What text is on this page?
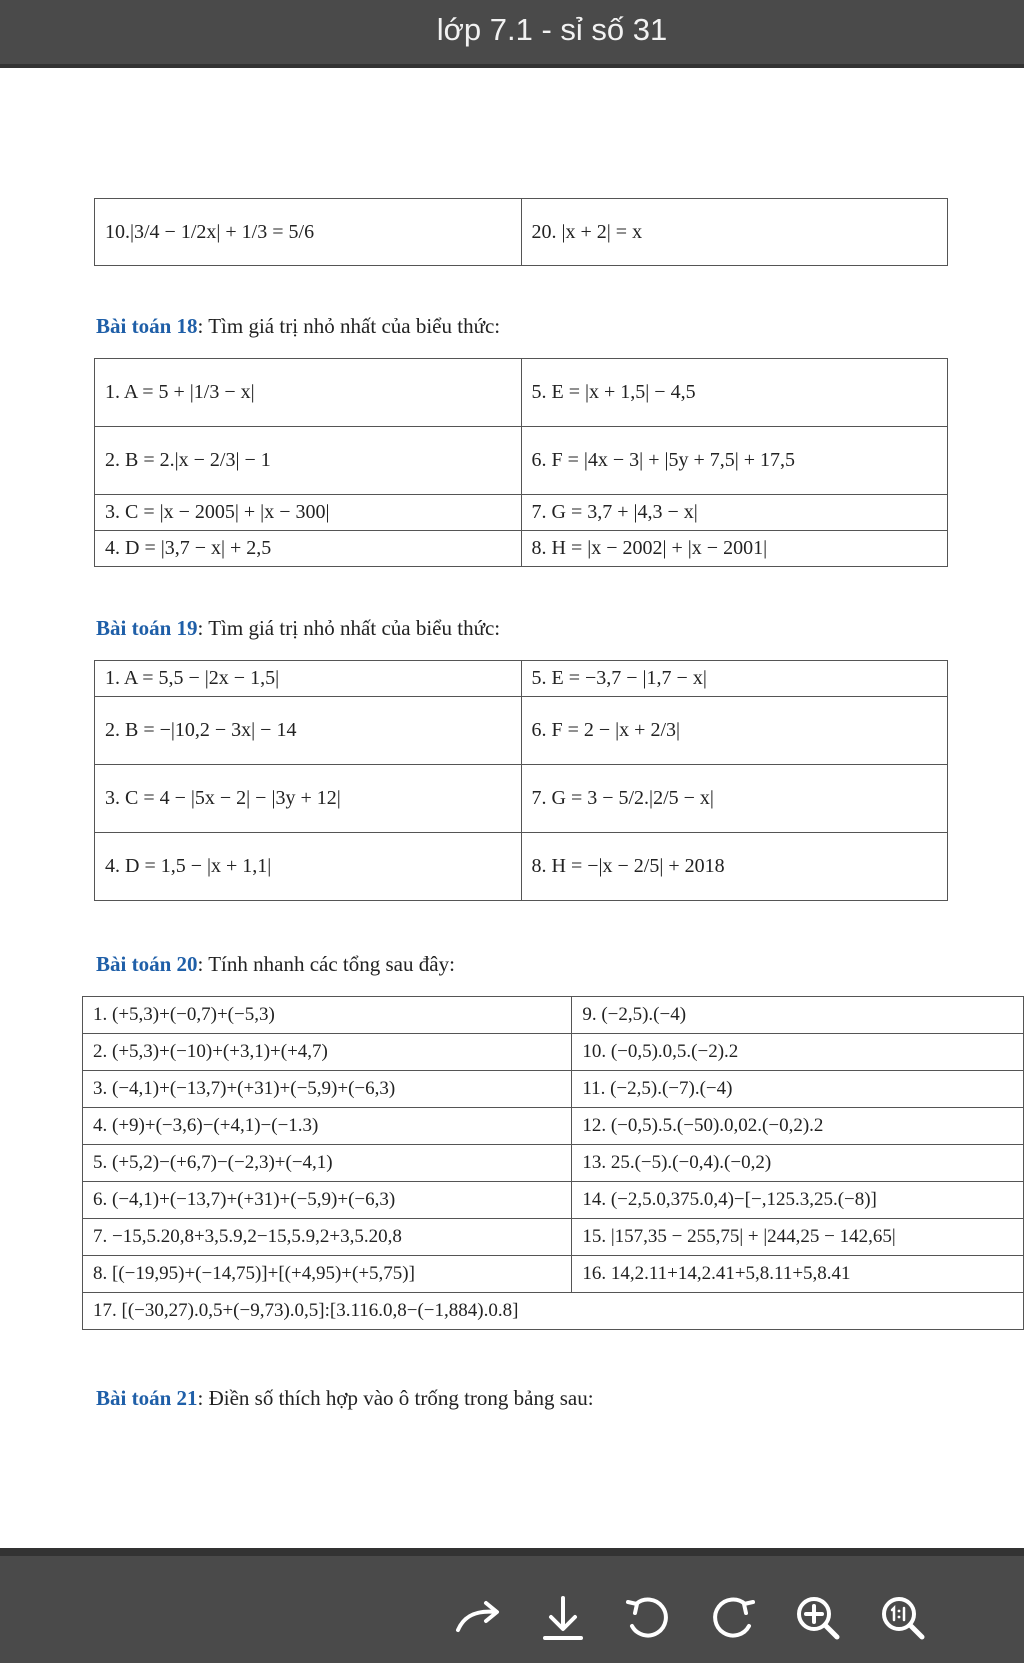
lớp 7.1 - sỉ số 31
10.|3/4 − 1/2x| + 1/3 = 5/6	20. |x + 2| = x
Bài toán 18: Tìm giá trị nhỏ nhất của biểu thức:
1. A = 5 + |1/3 − x|	5. E = |x + 1,5| − 4,5
2. B = 2.|x − 2/3| − 1	6. F = |4x − 3| + |5y + 7,5| + 17,5
3. C = |x − 2005| + |x − 300|	7. G = 3,7 + |4,3 − x|
4. D = |3,7 − x| + 2,5	8. H = |x − 2002| + |x − 2001|
Bài toán 19: Tìm giá trị nhỏ nhất của biểu thức:
1. A = 5,5 − |2x − 1,5|	5. E = −3,7 − |1,7 − x|
2. B = −|10,2 − 3x| − 14	6. F = 2 − |x + 2/3|
3. C = 4 − |5x − 2| − |3y + 12|	7. G = 3 − 5/2.|2/5 − x|
4. D = 1,5 − |x + 1,1|	8. H = −|x − 2/5| + 2018
Bài toán 20: Tính nhanh các tổng sau đây:
1. (+5,3)+(−0,7)+(−5,3)	9. (−2,5).(−4)
2. (+5,3)+(−10)+(+3,1)+(+4,7)	10. (−0,5).0,5.(−2).2
3. (−4,1)+(−13,7)+(+31)+(−5,9)+(−6,3)	11. (−2,5).(−7).(−4)
4. (+9)+(−3,6)−(+4,1)−(−1.3)	12. (−0,5).5.(−50).0,02.(−0,2).2
5. (+5,2)−(+6,7)−(−2,3)+(−4,1)	13. 25.(−5).(−0,4).(−0,2)
6. (−4,1)+(−13,7)+(+31)+(−5,9)+(−6,3)	14. (−2,5.0,375.0,4)−[−,125.3,25.(−8)]
7. −15,5.20,8+3,5.9,2−15,5.9,2+3,5.20,8	15. |157,35 − 255,75| + |244,25 − 142,65|
8. [(−19,95)+(−14,75)]+[(+4,95)+(+5,75)]	16. 14,2.11+14,2.41+5,8.11+5,8.41
17. [(−30,27).0,5+(−9,73).0,5]:[3.116.0,8−(−1,884).0.8]	
Bài toán 21: Điền số thích hợp vào ô trống trong bảng sau:
